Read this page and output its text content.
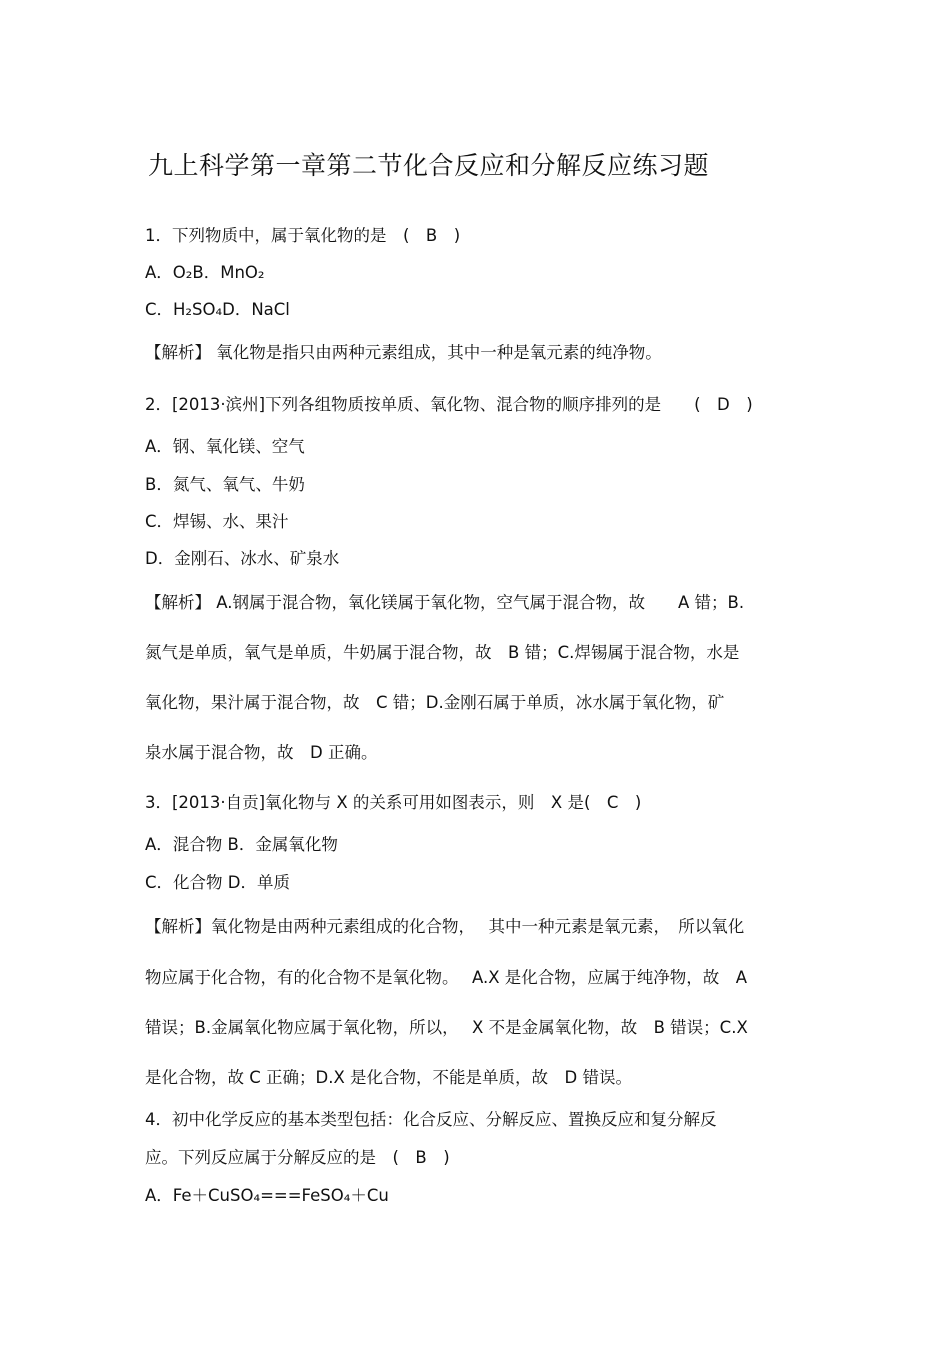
九上科学第一章第二节化合反应和分解反应练习题
1．下列物质中，属于氧化物的是　(　B　)
A．O₂B．MnO₂
C．H₂SO₄D．NaCl
【解析】 氧化物是指只由两种元素组成，其中一种是氧元素的纯净物。
2．[2013·滨州]下列各组物质按单质、氧化物、混合物的顺序排列的是　　(　D　)
A．钢、氧化镁、空气
B．氮气、氧气、牛奶
C．焊锡、水、果汁
D．金刚石、冰水、矿泉水
【解析】 A.钢属于混合物，氧化镁属于氧化物，空气属于混合物，故　　A 错；B.
氮气是单质，氧气是单质，牛奶属于混合物，故　B 错；C.焊锡属于混合物，水是
氧化物，果汁属于混合物，故　C 错；D.金刚石属于单质，冰水属于氧化物，矿
泉水属于混合物，故　D 正确。
3．[2013·自贡]氧化物与 X 的关系可用如图表示，则　X 是(　C　)
A．混合物 B．金属氧化物
C．化合物 D．单质
【解析】氧化物是由两种元素组成的化合物，　 其中一种元素是氧元素，　所以氧化
物应属于化合物，有的化合物不是氧化物。　 A.X 是化合物，应属于纯净物，故　A
错误；B.金属氧化物应属于氧化物，所以，　 X 不是金属氧化物，故　B 错误；C.X
是化合物，故 C 正确；D.X 是化合物，不能是单质，故　D 错误。
4．初中化学反应的基本类型包括：化合反应、分解反应、置换反应和复分解反
应。下列反应属于分解反应的是　(　B　)
A．Fe＋CuSO₄===FeSO₄＋Cu
